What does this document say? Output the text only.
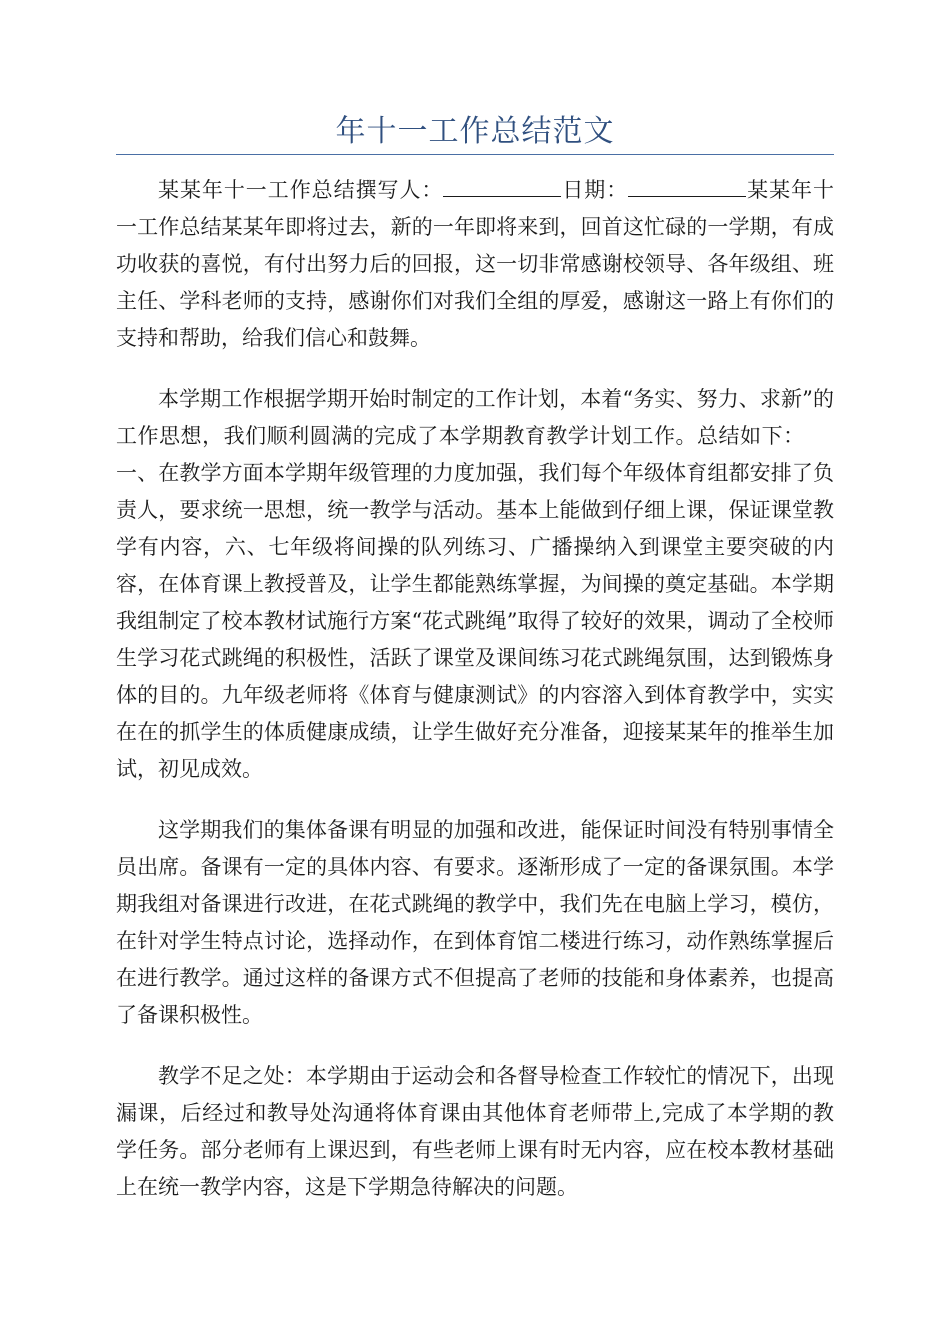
年十一工作总结范文

某某年十一工作总结撰写人：	日期：	某某年十一工作总结某某年即将过去，新的一年即将来到，回首这忙碌的一学期，有成功收获的喜悦，有付出努力后的回报，这一切非常感谢校领导、各年级组、班主任、学科老师的支持，感谢你们对我们全组的厚爱，感谢这一路上有你们的支持和帮助，给我们信心和鼓舞。

本学期工作根据学期开始时制定的工作计划，本着“务实、努力、求新”的工作思想，我们顺利圆满的完成了本学期教育教学计划工作。总结如下：一、在教学方面本学期年级管理的力度加强，我们每个年级体育组都安排了负责人，要求统一思想，统一教学与活动。基本上能做到仔细上课，保证课堂教学有内容，六、七年级将间操的队列练习、广播操纳入到课堂主要突破的内容，在体育课上教授普及，让学生都能熟练掌握，为间操的奠定基础。本学期我组制定了校本教材试施行方案“花式跳绳”取得了较好的效果，调动了全校师生学习花式跳绳的积极性，活跃了课堂及课间练习花式跳绳氛围，达到锻炼身体的目的。九年级老师将《体育与健康测试》的内容溶入到体育教学中，实实在在的抓学生的体质健康成绩，让学生做好充分准备，迎接某某年的推举生加试，初见成效。

这学期我们的集体备课有明显的加强和改进，能保证时间没有特别事情全员出席。备课有一定的具体内容、有要求。逐渐形成了一定的备课氛围。本学期我组对备课进行改进，在花式跳绳的教学中，我们先在电脑上学习，模仿，在针对学生特点讨论，选择动作，在到体育馆二楼进行练习，动作熟练掌握后在进行教学。通过这样的备课方式不但提高了老师的技能和身体素养，也提高了备课积极性。

教学不足之处：本学期由于运动会和各督导检查工作较忙的情况下，出现漏课，后经过和教导处沟通将体育课由其他体育老师带上,完成了本学期的教学任务。部分老师有上课迟到，有些老师上课有时无内容，应在校本教材基础上在统一教学内容，这是下学期急待解决的问题。
